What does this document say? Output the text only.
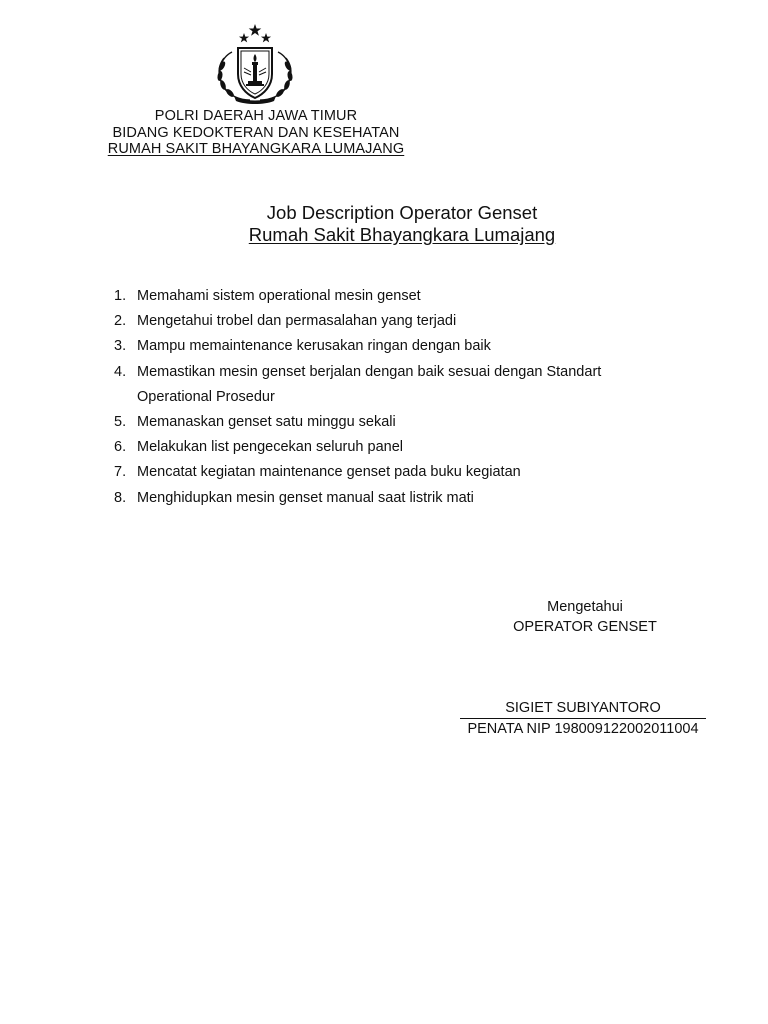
POLRI DAERAH JAWA TIMUR
BIDANG KEDOKTERAN DAN KESEHATAN
RUMAH SAKIT BHAYANGKARA LUMAJANG
Job Description Operator Genset
Rumah Sakit Bhayangkara Lumajang
1. Memahami sistem operational mesin genset
2. Mengetahui trobel dan permasalahan yang terjadi
3. Mampu memaintenance kerusakan ringan dengan baik
4. Memastikan mesin genset berjalan dengan baik sesuai dengan Standart Operational Prosedur
5. Memanaskan genset satu minggu sekali
6. Melakukan list pengecekan seluruh panel
7. Mencatat kegiatan maintenance genset pada buku kegiatan
8. Menghidupkan mesin genset manual saat listrik mati
Mengetahui
OPERATOR GENSET
SIGIET SUBIYANTORO
PENATA NIP 198009122002011004
